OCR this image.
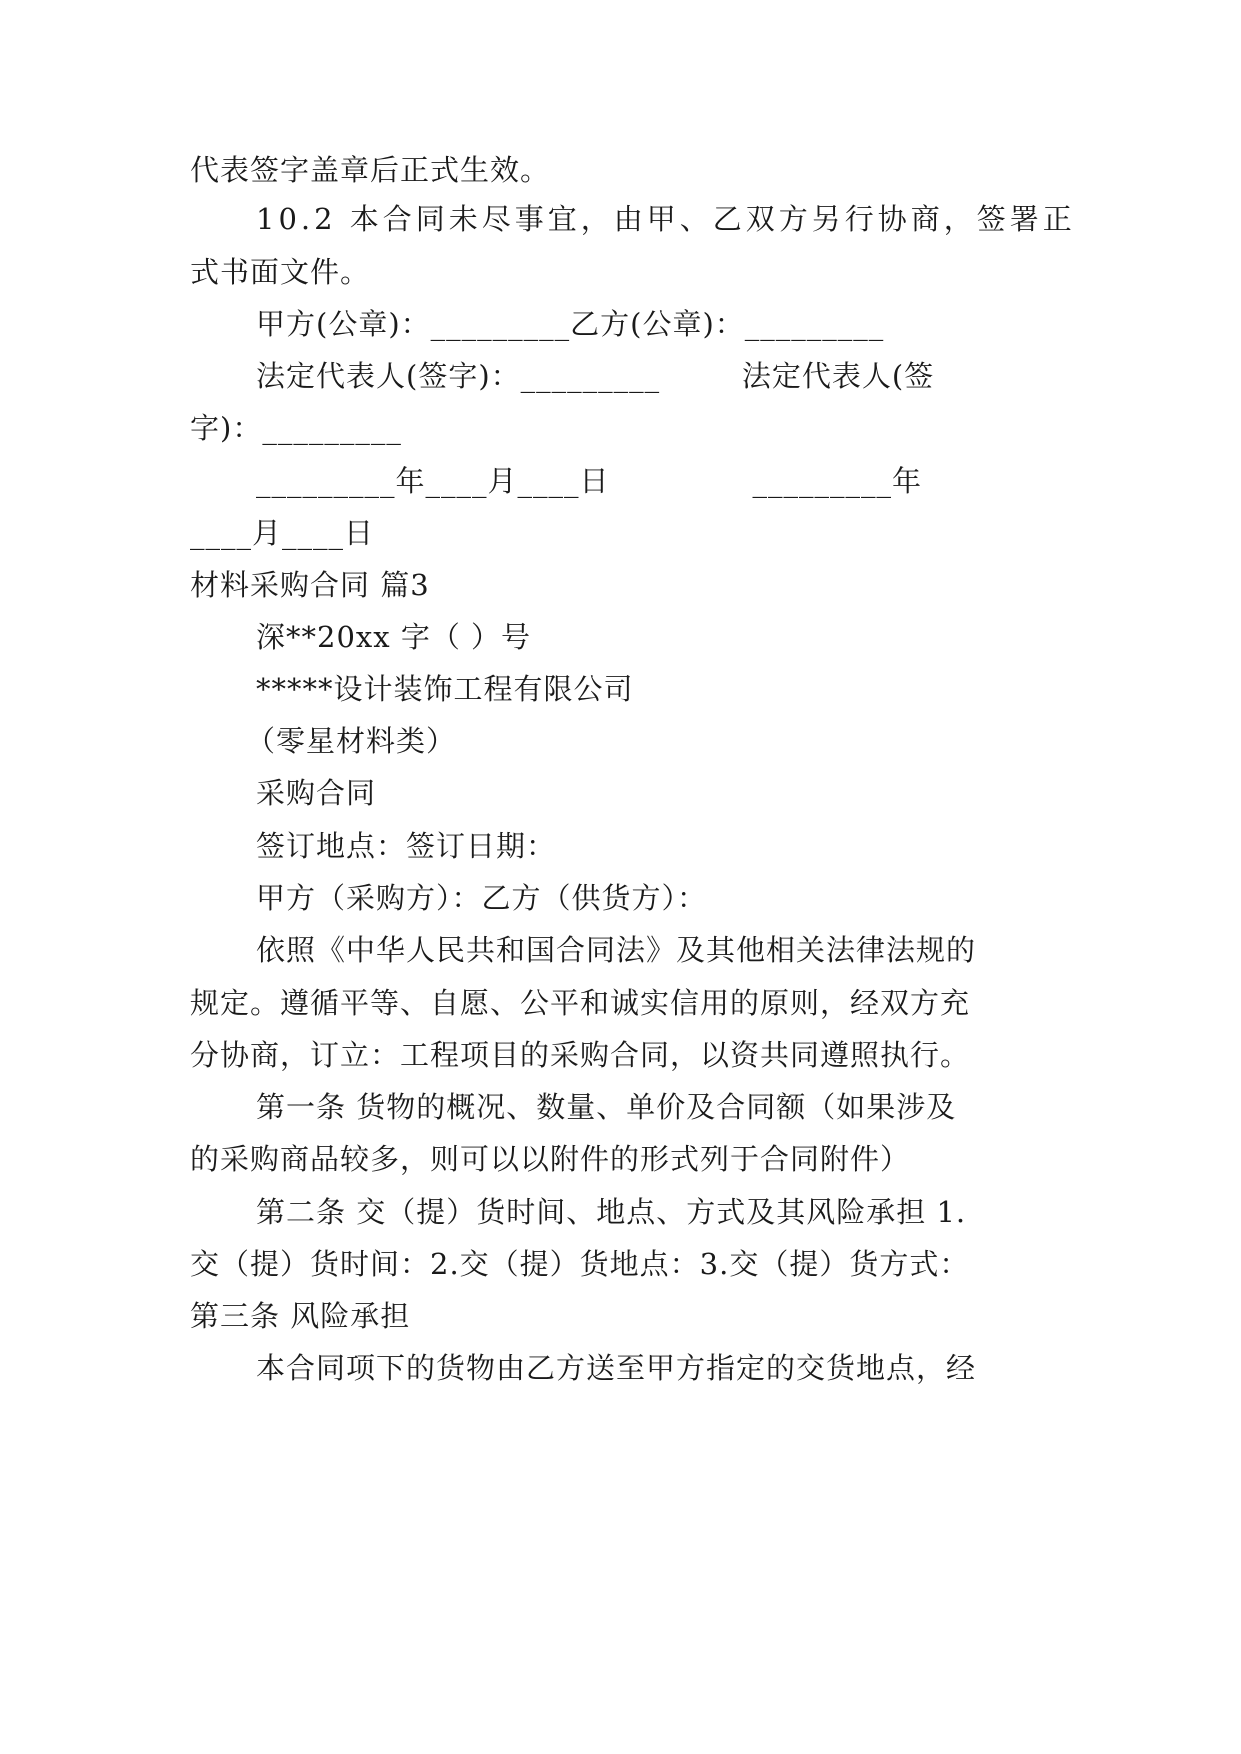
代表签字盖章后正式生效。
10.2 本合同未尽事宜，由甲、乙双方另行协商，签署正
式书面文件。
甲方(公章)：_________乙方(公章)：_________
法定代表人(签字)：_________        法定代表人(签
字)：_________
_________年____月____日              _________年
____月____日
材料采购合同 篇3
深**20xx 字（ ）号
*****设计装饰工程有限公司
（零星材料类）
采购合同
签订地点：签订日期：
甲方（采购方）：乙方（供货方）：
依照《中华人民共和国合同法》及其他相关法律法规的
规定。遵循平等、自愿、公平和诚实信用的原则，经双方充
分协商，订立：工程项目的采购合同，以资共同遵照执行。
第一条 货物的概况、数量、单价及合同额（如果涉及
的采购商品较多，则可以以附件的形式列于合同附件）
第二条 交（提）货时间、地点、方式及其风险承担 1.
交（提）货时间：2.交（提）货地点：3.交（提）货方式：
第三条 风险承担
本合同项下的货物由乙方送至甲方指定的交货地点，经
